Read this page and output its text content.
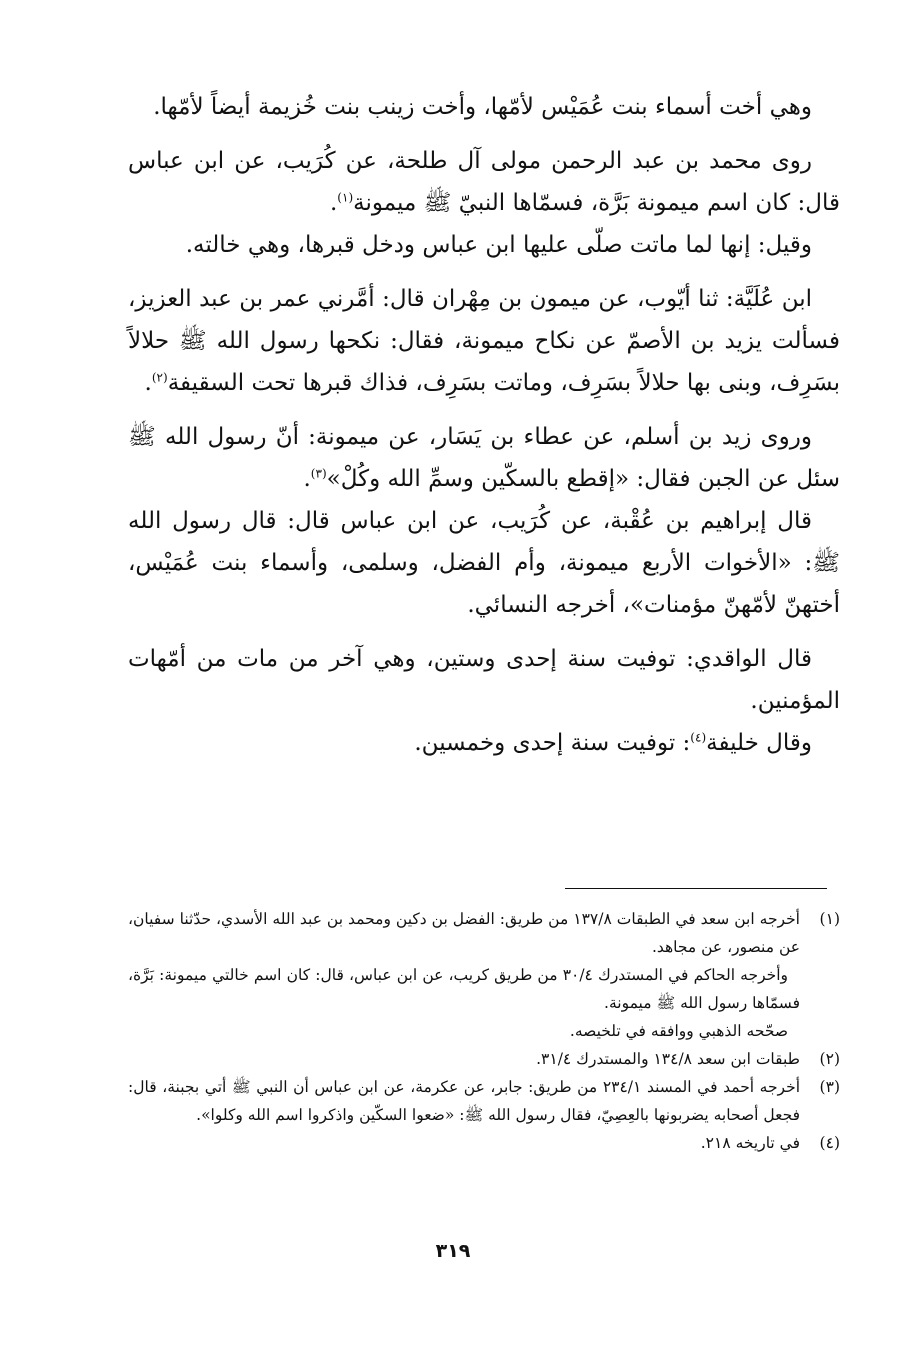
وهي أخت أسماء بنت عُمَيْس لأمّها، وأخت زينب بنت خُزيمة أيضاً لأمّها.

روى محمد بن عبد الرحمن مولى آل طلحة، عن كُرَيب، عن ابن عباس قال: كان اسم ميمونة بَرَّة، فسمّاها النبيّ ﷺ ميمونة$^{(١)}$.

وقيل: إنها لما ماتت صلّى عليها ابن عباس ودخل قبرها، وهي خالته.

ابن عُلَيَّة: ثنا أيّوب، عن ميمون بن مِهْران قال: أمَّرني عمر بن عبد العزيز، فسألت يزيد بن الأصمّ عن نكاح ميمونة، فقال: نكحها رسول الله ﷺ حلالاً بسَرِف، وبنى بها حلالاً بسَرِف، وماتت بسَرِف، فذاك قبرها تحت السقيفة$^{(٢)}$.

وروى زيد بن أسلم، عن عطاء بن يَسَار، عن ميمونة: أنّ رسول الله ﷺ سئل عن الجبن فقال: «إقطع بالسكّين وسمِّ الله وكُلْ»$^{(٣)}$.

قال إبراهيم بن عُقْبة، عن كُرَيب، عن ابن عباس قال: قال رسول الله ﷺ: «الأخوات الأربع ميمونة، وأم الفضل، وسلمى، وأسماء بنت عُمَيْس، أختهنّ لأمّهنّ مؤمنات»، أخرجه النسائي.

قال الواقدي: توفيت سنة إحدى وستين، وهي آخر من مات من أمّهات المؤمنين.

وقال خليفة$^{(٤)}$: توفيت سنة إحدى وخمسين.

(١)
أخرجه ابن سعد في الطبقات ١٣٧/٨ من طريق: الفضل بن دكين ومحمد بن عبد الله الأسدي، حدّثنا سفيان، عن منصور، عن مجاهد.
وأخرجه الحاكم في المستدرك ٣٠/٤ من طريق كريب، عن ابن عباس، قال: كان اسم خالتي ميمونة: بَرَّة، فسمّاها رسول الله ﷺ ميمونة.
صحّحه الذهبي ووافقه في تلخيصه.
(٢)
طبقات ابن سعد ١٣٤/٨ والمستدرك ٣١/٤.
(٣)
أخرجه أحمد في المسند ٢٣٤/١ من طريق: جابر، عن عكرمة، عن ابن عباس أن النبي ﷺ أتي بجبنة، قال: فجعل أصحابه يضربونها بالعِصِيّ، فقال رسول الله ﷺ: «ضعوا السكّين واذكروا اسم الله وكلوا».
(٤)
في تاريخه ٢١٨.
٣١٩
